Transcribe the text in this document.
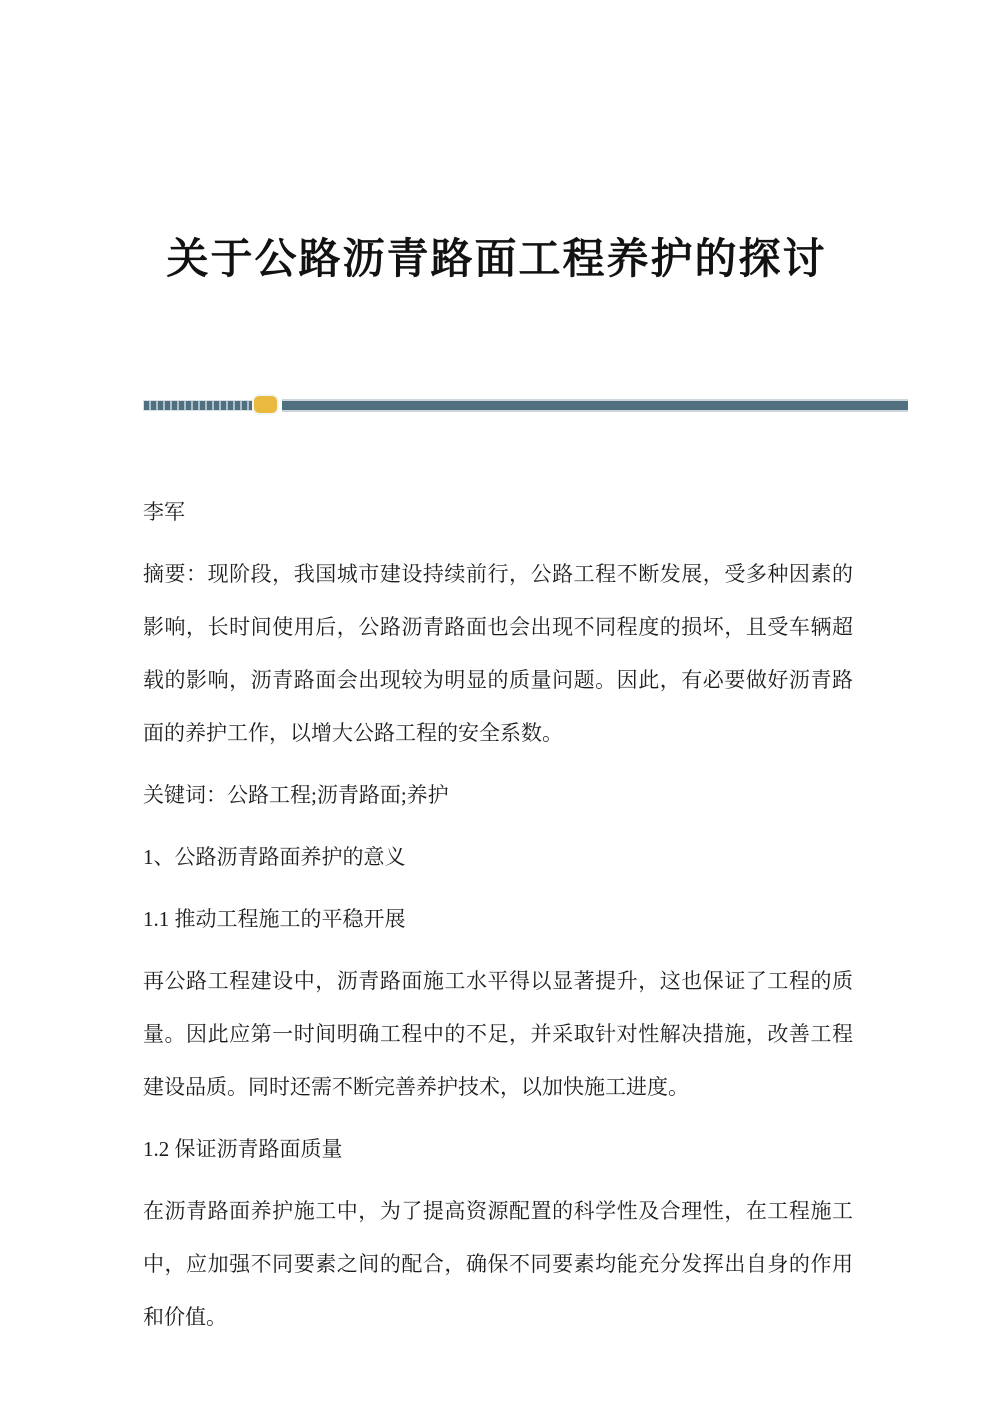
关于公路沥青路面工程养护的探讨

李军

摘要：现阶段，我国城市建设持续前行，公路工程不断发展，受多种因素的影响，长时间使用后，公路沥青路面也会出现不同程度的损坏，且受车辆超载的影响，沥青路面会出现较为明显的质量问题。因此，有必要做好沥青路面的养护工作，以增大公路工程的安全系数。

关键词：公路工程;沥青路面;养护

1、公路沥青路面养护的意义

1.1 推动工程施工的平稳开展

再公路工程建设中，沥青路面施工水平得以显著提升，这也保证了工程的质量。因此应第一时间明确工程中的不足，并采取针对性解决措施，改善工程建设品质。同时还需不断完善养护技术，以加快施工进度。

1.2 保证沥青路面质量

在沥青路面养护施工中，为了提高资源配置的科学性及合理性，在工程施工中，应加强不同要素之间的配合，确保不同要素均能充分发挥出自身的作用和价值。
